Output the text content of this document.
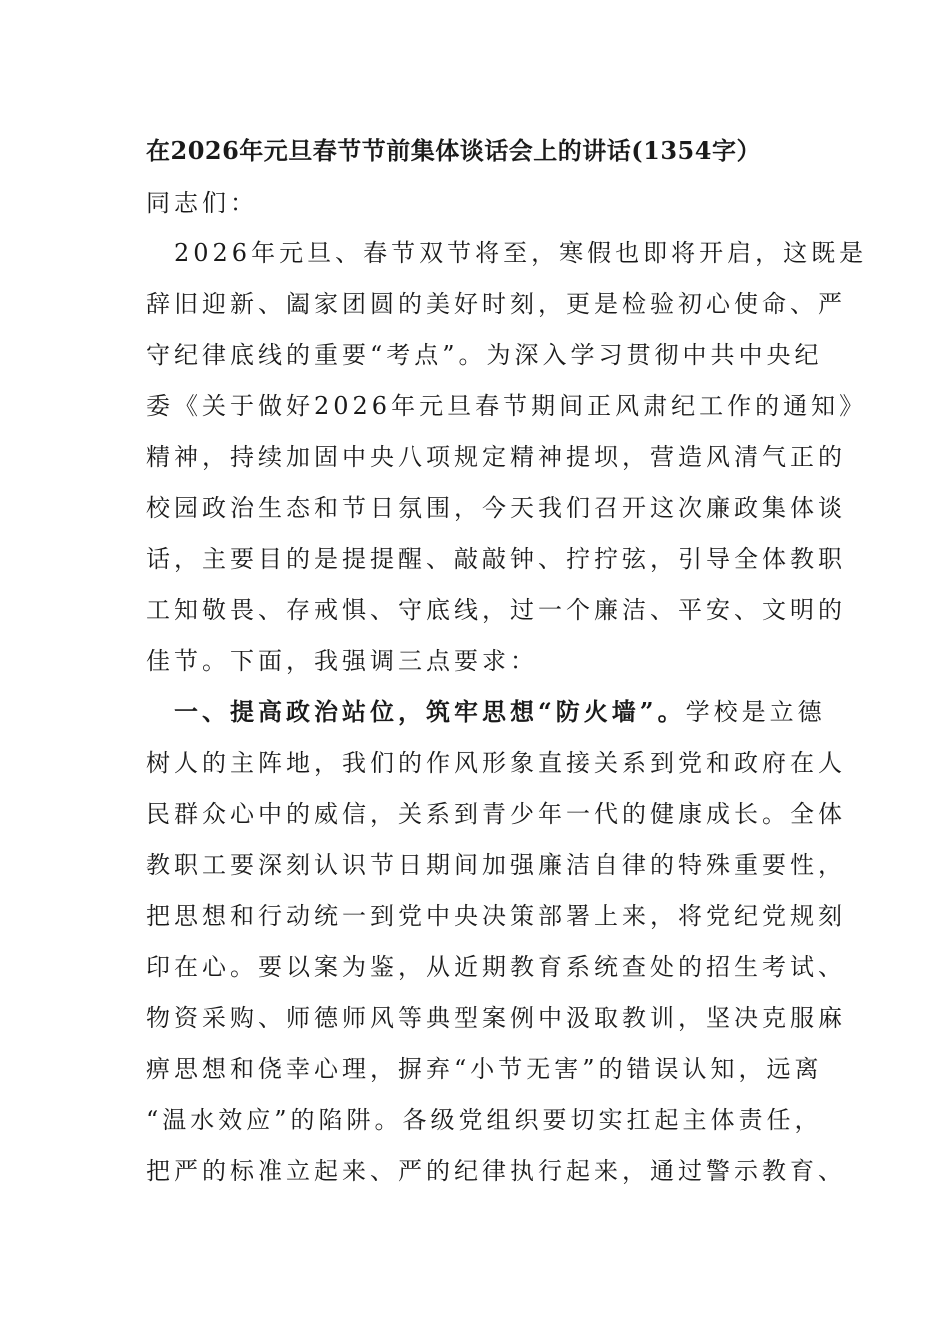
在2026年元旦春节节前集体谈话会上的讲话(1354字）
同志们：
　2026年元旦、春节双节将至，寒假也即将开启，这既是
辞旧迎新、阖家团圆的美好时刻，更是检验初心使命、严
守纪律底线的重要“考点”。为深入学习贯彻中共中央纪
委《关于做好2026年元旦春节期间正风肃纪工作的通知》
精神，持续加固中央八项规定精神提坝，营造风清气正的
校园政治生态和节日氛围，今天我们召开这次廉政集体谈
话，主要目的是提提醒、敲敲钟、拧拧弦，引导全体教职
工知敬畏、存戒惧、守底线，过一个廉洁、平安、文明的
佳节。下面，我强调三点要求：
　一、提高政治站位，筑牢思想“防火墙”。学校是立德
树人的主阵地，我们的作风形象直接关系到党和政府在人
民群众心中的威信，关系到青少年一代的健康成长。全体
教职工要深刻认识节日期间加强廉洁自律的特殊重要性，
把思想和行动统一到党中央决策部署上来，将党纪党规刻
印在心。要以案为鉴，从近期教育系统查处的招生考试、
物资采购、师德师风等典型案例中汲取教训，坚决克服麻
痹思想和侥幸心理，摒弃“小节无害”的错误认知，远离
“温水效应”的陷阱。各级党组织要切实扛起主体责任，
把严的标准立起来、严的纪律执行起来，通过警示教育、
